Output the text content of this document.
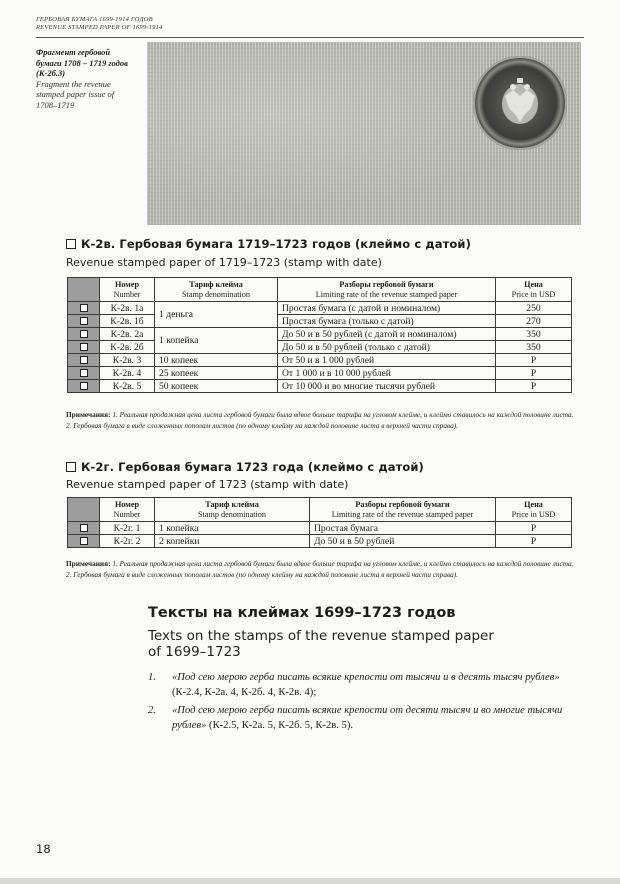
ГЕРБОВАЯ БУМАГА 1699-1914 ГОДОВ
REVENUE STAMPED PAPER OF 1699-1914
Фрагмент гербовой бумаги 1708 – 1719 годов (К-2б.3)
Fragment the revenue stamped paper issue of 1708–1719
К-2в. Гербовая бумага 1719–1723 годов (клеймо с датой)
Revenue stamped paper of 1719–1723 (stamp with date)
	Номер
Number	Тариф клейма
Stamp denomination	Разборы гербовой бумаги
Limiting rate of the revenue stamped paper	Цена
Price in USD
	К-2в. 1а	1 деньга	Простая бумага (с датой и номиналом)	250
	К-2в. 1б		Простая бумага (только с датой)	270
	К-2в. 2а	1 копейка	До 50 и в 50 рублей (с датой и номиналом)	350
	К-2в. 2б		До 50 и в 50 рублей (только с датой)	350
	К-2в. 3	10 копеек	От 50 и в 1 000 рублей	Р
	К-2в. 4	25 копеек	От 1 000 и в 10 000 рублей	Р
	К-2в. 5	50 копеек	От 10 000 и во многие тысячи рублей	Р
Примечания: 1. Реальная продажная цена листа гербовой бумаги была вдвое больше тарифа на угловом клейме, и клеймо ставилось на каждой половине листа. 2. Гербовая бумага в виде сложенных пополам листов (по одному клейму на каждой половине листа в верхней части справа).
К-2г. Гербовая бумага 1723 года (клеймо с датой)
Revenue stamped paper of 1723 (stamp with date)
	Номер
Number	Тариф клейма
Stamp denomination	Разборы гербовой бумаги
Limiting rate of the revenue stamped paper	Цена
Price in USD
	К-2г. 1	1 копейка	Простая бумага	Р
	К-2г. 2	2 копейки	До 50 и в 50 рублей	Р
Примечания: 1. Реальная продажная цена листа гербовой бумаги была вдвое больше тарифа на угловом клейме, и клеймо ставилось на каждой половине листа. 2. Гербовая бумага в виде сложенных пополам листов (по одному клейму на каждой половине листа в верхней части справа).
Тексты на клеймах 1699–1723 годов
Texts on the stamps of the revenue stamped paper of 1699–1723
1. «Под сею мерою герба писать всякие крепости от тысячи и в десять тысяч рублев» (К-2.4, К-2а. 4, К-2б. 4, К-2в. 4);
2. «Под сею мерою герба писать всякие крепости от десяти тысяч и во многие тысячи рублев» (К-2.5, К-2а. 5, К-2б. 5, К-2в. 5).
18
